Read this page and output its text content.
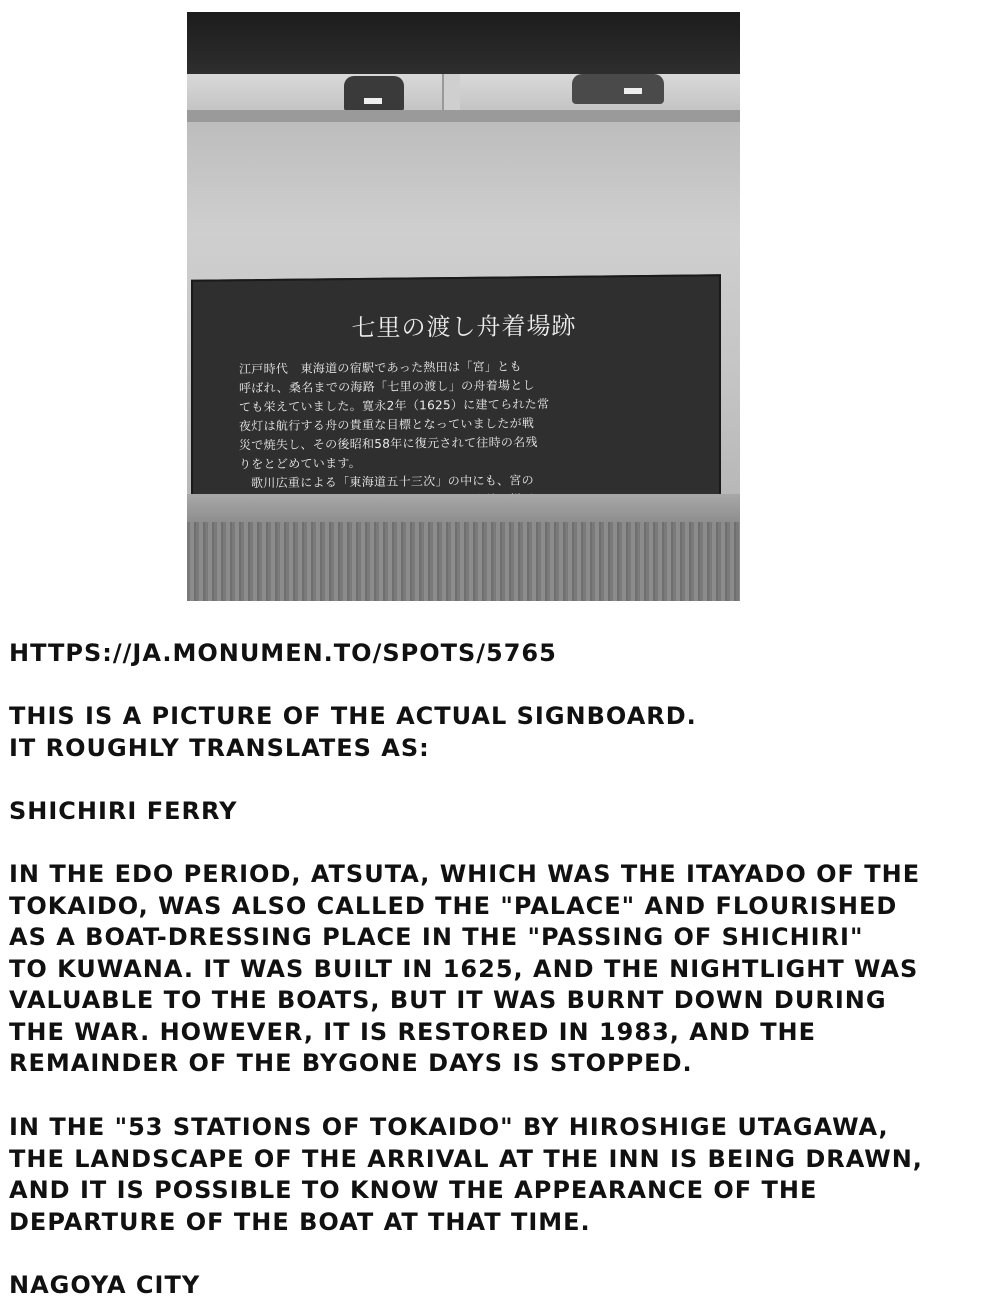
七里の渡し舟着場跡

江戸時代　東海道の宿駅であった熱田は「宮」とも

呼ばれ、桑名までの海路「七里の渡し」の舟着場とし

ても栄えていました。寛永2年（1625）に建てられた常

夜灯は航行する舟の貴重な目標となっていましたが戦

災で焼失し、その後昭和58年に復元されて往時の名残

りをとどめています。

歌川広重による「東海道五十三次」の中にも、宮の

HTTPS://JA.MONUMEN.TO/SPOTS/5765

THIS IS A PICTURE OF THE ACTUAL SIGNBOARD.

IT ROUGHLY TRANSLATES AS:

SHICHIRI FERRY

IN THE EDO PERIOD, ATSUTA, WHICH WAS THE ITAYADO OF THE

TOKAIDO, WAS ALSO CALLED THE "PALACE" AND FLOURISHED

AS A BOAT-DRESSING PLACE IN THE "PASSING OF SHICHIRI"

TO KUWANA. IT WAS BUILT IN 1625, AND THE NIGHTLIGHT WAS

VALUABLE TO THE BOATS, BUT IT WAS BURNT DOWN DURING

THE WAR. HOWEVER, IT IS RESTORED IN 1983, AND THE

REMAINDER OF THE BYGONE DAYS IS STOPPED.

IN THE "53 STATIONS OF TOKAIDO" BY HIROSHIGE UTAGAWA,

THE LANDSCAPE OF THE ARRIVAL AT THE INN IS BEING DRAWN,

AND IT IS POSSIBLE TO KNOW THE APPEARANCE OF THE

DEPARTURE OF THE BOAT AT THAT TIME.

NAGOYA CITY
